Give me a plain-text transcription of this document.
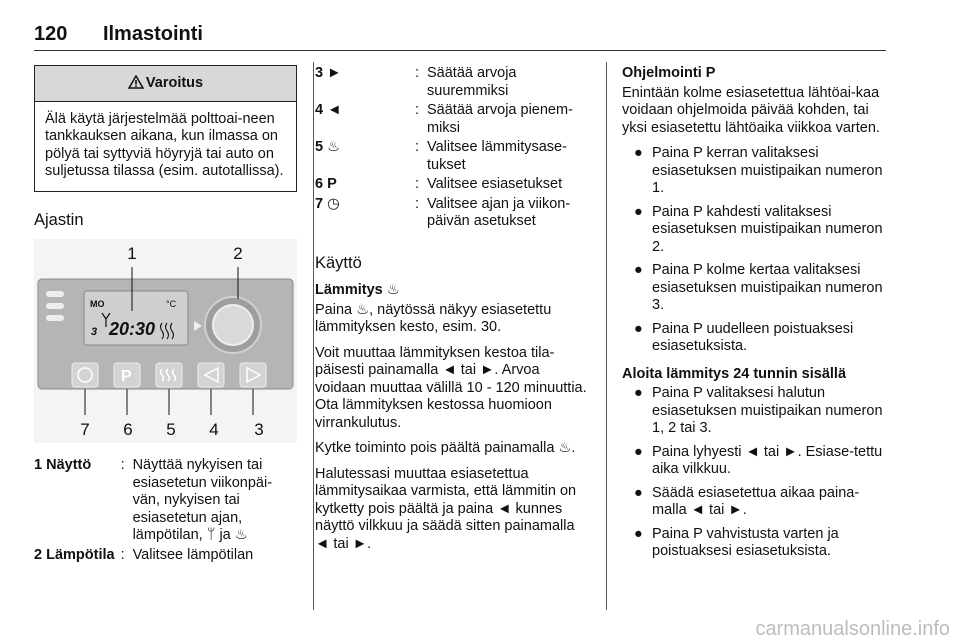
120 Ilmastointi
Varoitus
Älä käytä järjestelmää polttoai-neen tankkauksen aikana, kun ilmassa on pölyä tai syttyviä höyryjä tai auto on suljetussa tilassa (esim. autotallissa).
Ajastin
MO	°C
3 20:30
P
1	2
3
4
5
6
7
1 Näyttö	:	Näyttää nykyisen tai esiasetetun viikonpäi-vän, nykyisen tai esiasetetun ajan, lämpötilan, ᛘ ja ♨
2 Lämpötila	:	Valitsee lämpötilan
3 ►	:	Säätää arvoja suuremmiksi
4 ◄	:	Säätää arvoja pienem-miksi
5 ♨	:	Valitsee lämmitysase-tukset
6 P	:	Valitsee esiasetukset
7 ◷	:	Valitsee ajan ja viikon-päivän asetukset
Käyttö
Lämmitys ♨

Paina ♨, näytössä näkyy esiasetettu lämmityksen kesto, esim. 30.

Voit muuttaa lämmityksen kestoa tila-päisesti painamalla ◄ tai ►. Arvoa voidaan muuttaa välillä 10 - 120 minuuttia. Ota lämmityksen kestossa huomioon virrankulutus.

Kytke toiminto pois päältä painamalla ♨.

Halutessasi muuttaa esiasetettua lämmitysaikaa varmista, että lämmitin on kytketty pois päältä ja paina ◄ kunnes näyttö vilkkuu ja säädä sitten painamalla ◄ tai ►.

Ohjelmointi P

Enintään kolme esiasetettua lähtöai-kaa voidaan ohjelmoida päivää kohden, tai yksi esiasetettu lähtöaika viikkoa varten.

● Paina P kerran valitaksesi esiasetuksen muistipaikan numeron 1.
● Paina P kahdesti valitaksesi esiasetuksen muistipaikan numeron 2.
● Paina P kolme kertaa valitaksesi esiasetuksen muistipaikan numeron 3.
● Paina P uudelleen poistuaksesi esiasetuksista.
Aloita lämmitys 24 tunnin sisällä
● Paina P valitaksesi halutun esiasetuksen muistipaikan numeron 1, 2 tai 3.
● Paina lyhyesti ◄ tai ►. Esiase-tettu aika vilkkuu.
● Säädä esiasetettua aikaa paina-malla ◄ tai ►.
● Paina P vahvistusta varten ja poistuaksesi esiasetuksista.
carmanualsonline.info
